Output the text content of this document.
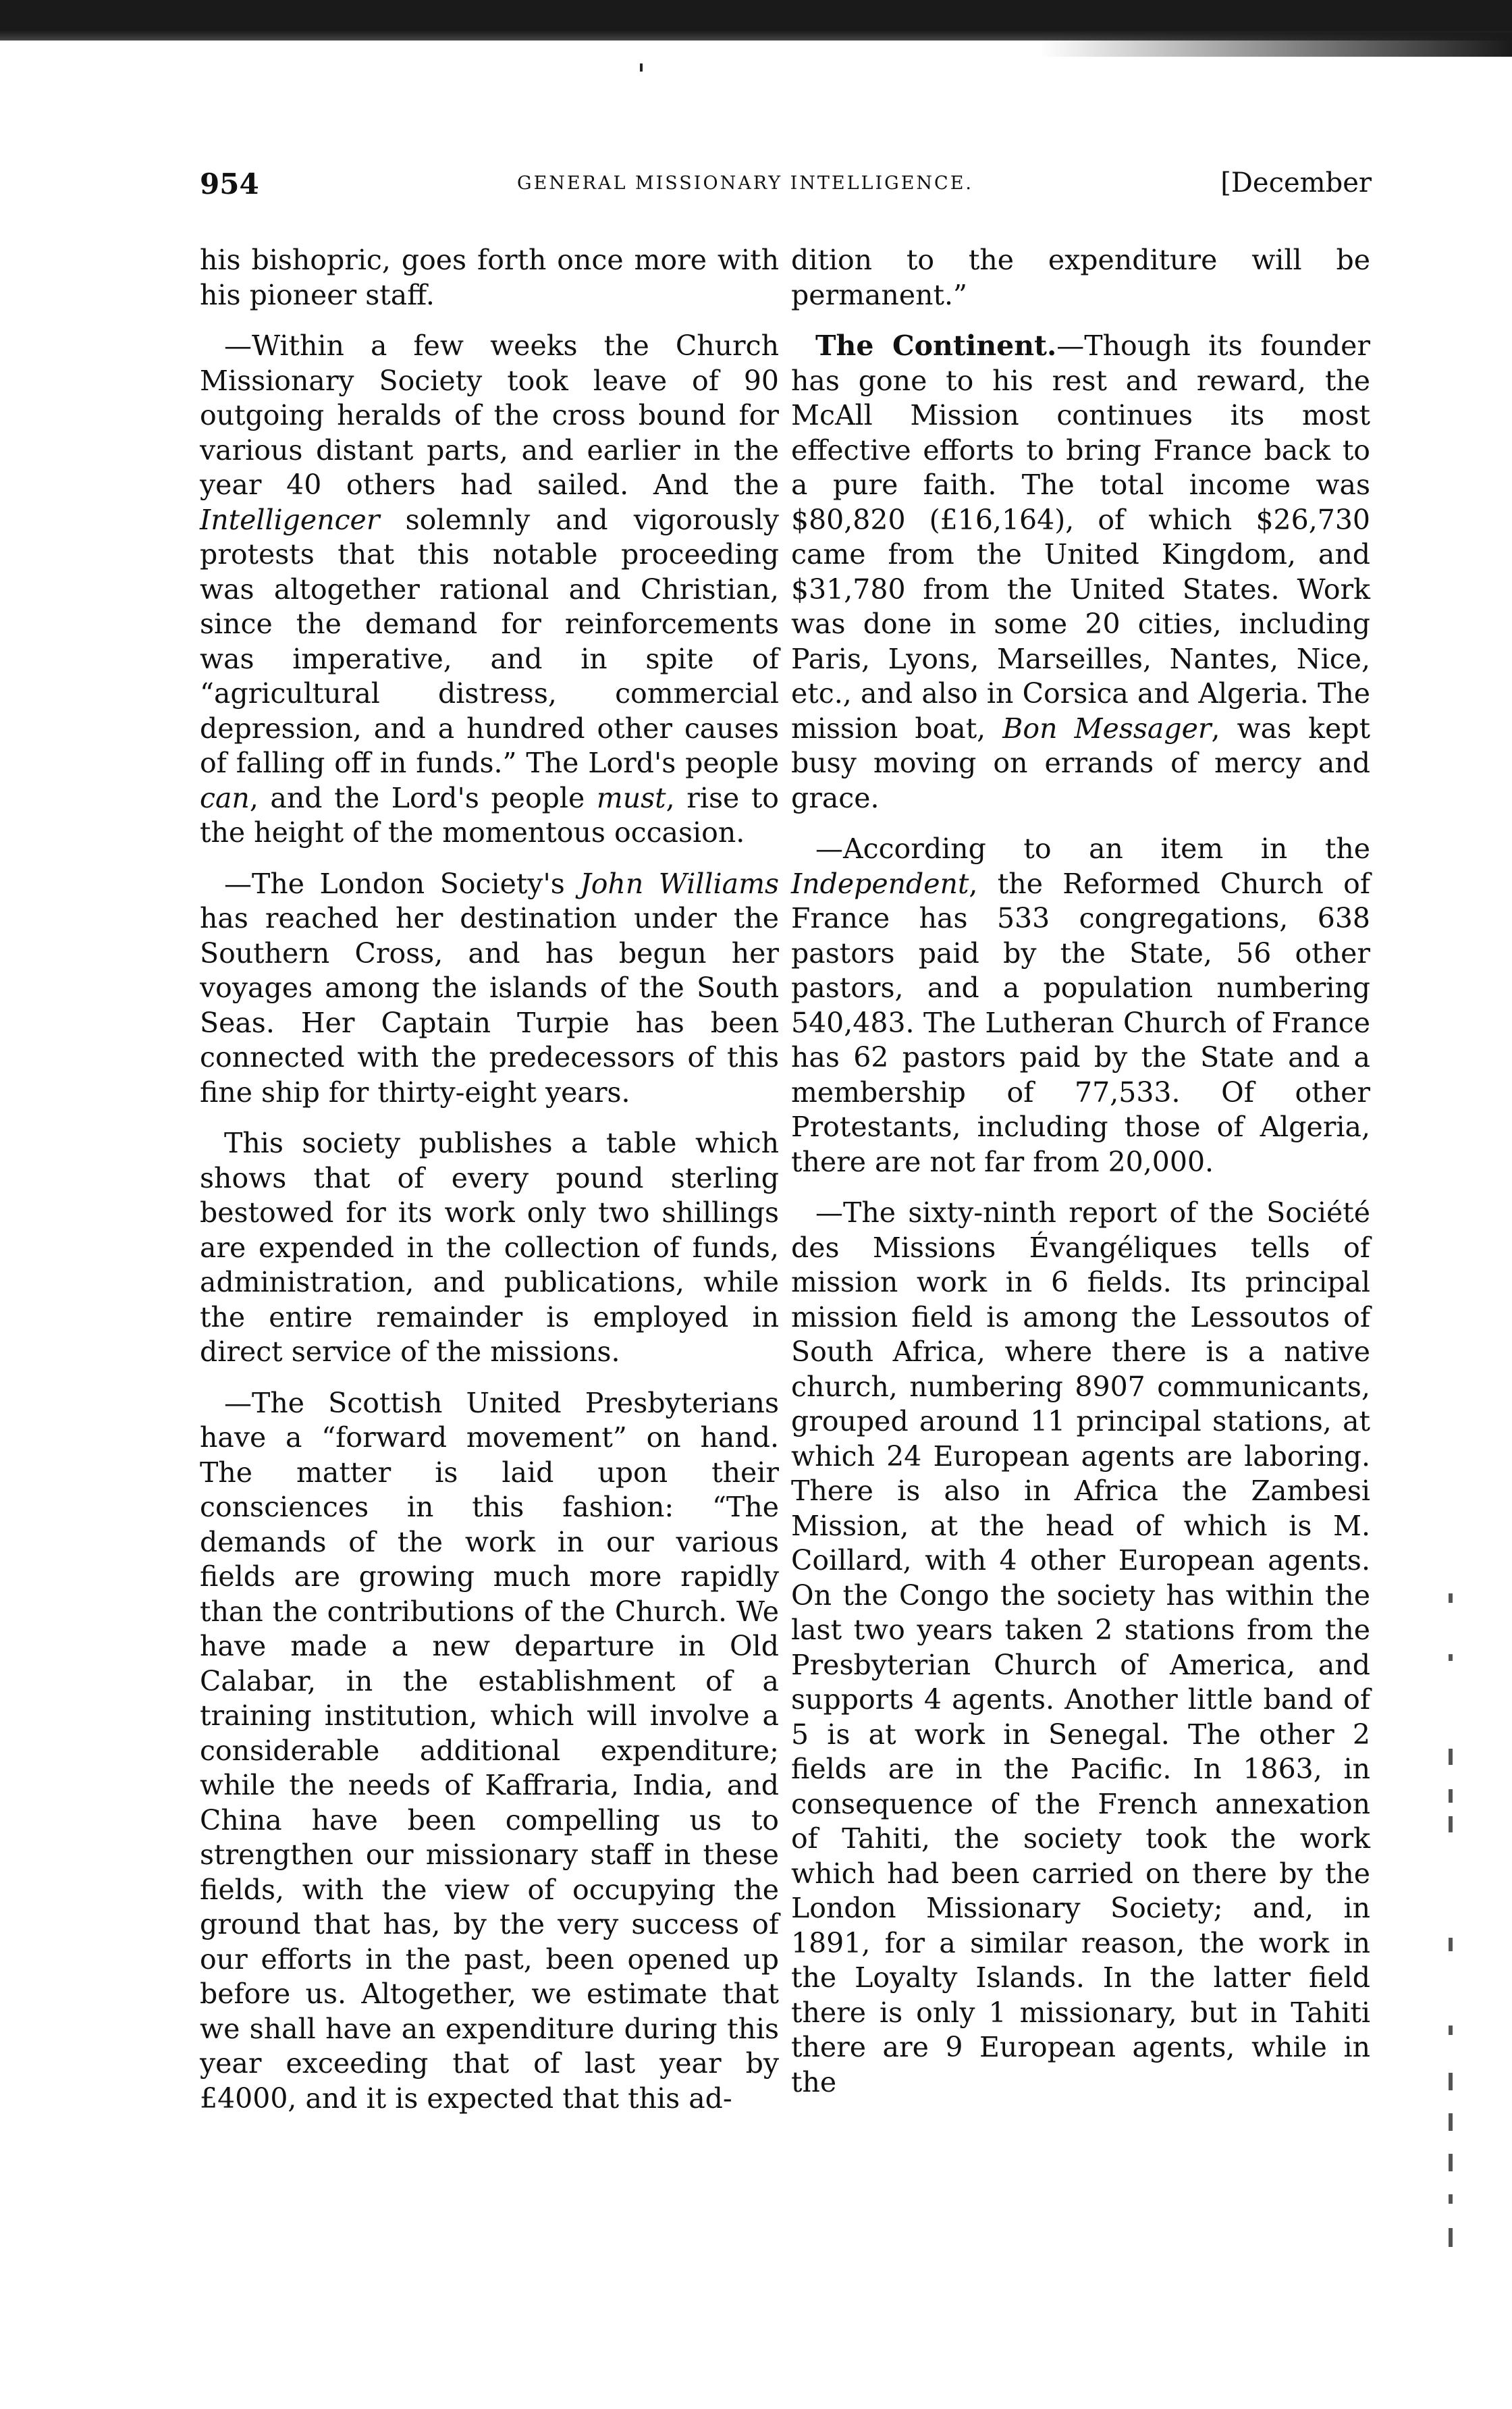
954	GENERAL MISSIONARY INTELLIGENCE.	[December

his bishopric, goes forth once more with his pioneer staff.

—Within a few weeks the Church Missionary Society took leave of 90 outgoing heralds of the cross bound for various distant parts, and earlier in the year 40 others had sailed. And the Intelligencer solemnly and vigorously protests that this notable proceeding was altogether rational and Christian, since the demand for reinforcements was imperative, and in spite of “agricultural distress, commercial depression, and a hundred other causes of falling off in funds.” The Lord's people can, and the Lord's people must, rise to the height of the momentous occasion.

—The London Society's John Williams has reached her destination under the Southern Cross, and has begun her voyages among the islands of the South Seas. Her Captain Turpie has been connected with the predecessors of this fine ship for thirty-eight years.

This society publishes a table which shows that of every pound sterling bestowed for its work only two shillings are expended in the collection of funds, administration, and publications, while the entire remainder is employed in direct service of the missions.

—The Scottish United Presbyterians have a “forward movement” on hand. The matter is laid upon their consciences in this fashion: “The demands of the work in our various fields are growing much more rapidly than the contributions of the Church. We have made a new departure in Old Calabar, in the establishment of a training institution, which will involve a considerable additional expenditure; while the needs of Kaffraria, India, and China have been compelling us to strengthen our missionary staff in these fields, with the view of occupying the ground that has, by the very success of our efforts in the past, been opened up before us. Altogether, we estimate that we shall have an expenditure during this year exceeding that of last year by £4000, and it is expected that this ad-

dition to the expenditure will be permanent.”

The Continent.—Though its founder has gone to his rest and reward, the McAll Mission continues its most effective efforts to bring France back to a pure faith. The total income was $80,820 (£16,164), of which $26,730 came from the United Kingdom, and $31,780 from the United States. Work was done in some 20 cities, including Paris, Lyons, Marseilles, Nantes, Nice, etc., and also in Corsica and Algeria. The mission boat, Bon Messager, was kept busy moving on errands of mercy and grace.

—According to an item in the Independent, the Reformed Church of France has 533 congregations, 638 pastors paid by the State, 56 other pastors, and a population numbering 540,483. The Lutheran Church of France has 62 pastors paid by the State and a membership of 77,533. Of other Protestants, including those of Algeria, there are not far from 20,000.

—The sixty-ninth report of the Société des Missions Évangéliques tells of mission work in 6 fields. Its principal mission field is among the Lessoutos of South Africa, where there is a native church, numbering 8907 communicants, grouped around 11 principal stations, at which 24 European agents are laboring. There is also in Africa the Zambesi Mission, at the head of which is M. Coillard, with 4 other European agents. On the Congo the society has within the last two years taken 2 stations from the Presbyterian Church of America, and supports 4 agents. Another little band of 5 is at work in Senegal. The other 2 fields are in the Pacific. In 1863, in consequence of the French annexation of Tahiti, the society took the work which had been carried on there by the London Missionary Society; and, in 1891, for a similar reason, the work in the Loyalty Islands. In the latter field there is only 1 missionary, but in Tahiti there are 9 European agents, while in the
